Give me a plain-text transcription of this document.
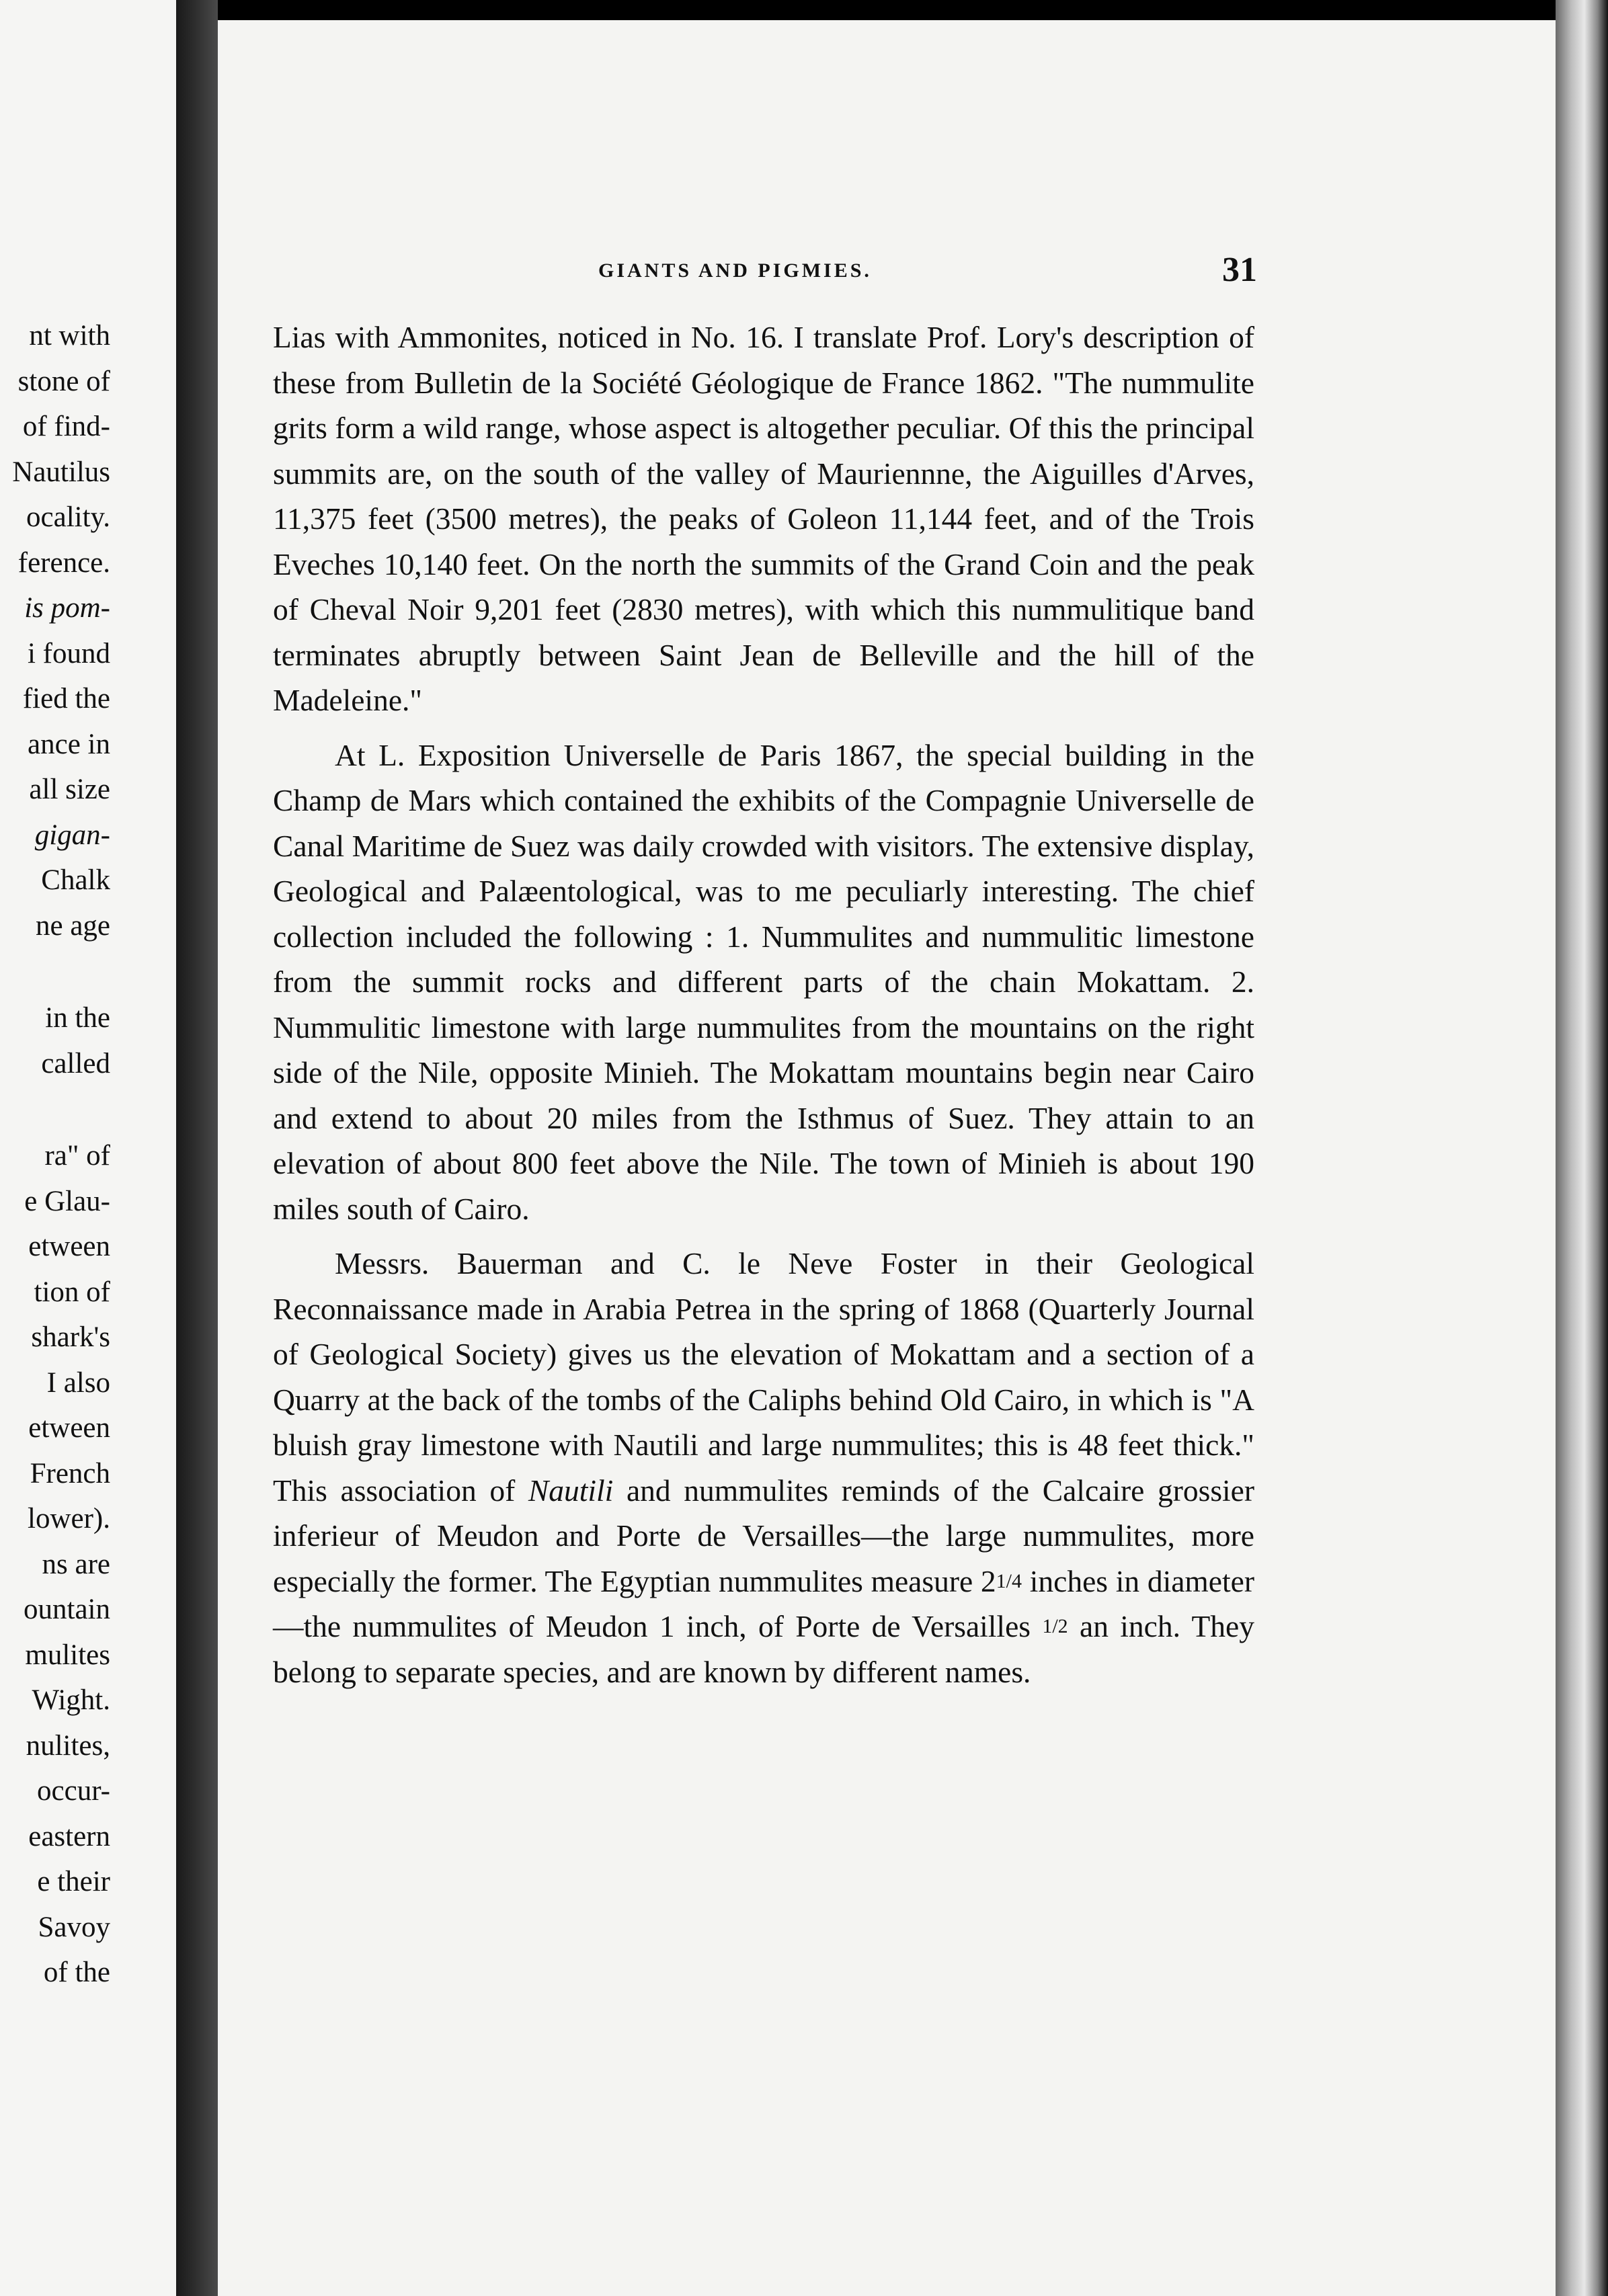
nt with
stone of
of find-
Nautilus
ocality.
ference.
is pom-
i found
fied the
ance in
all size
gigan-
Chalk
ne age
in the
called
ra" of
e Glau-
etween
tion of
shark's
I also
etween
French
lower).
ns are
ountain
mulites
Wight.
nulites,
occur-
eastern
e their
Savoy
of the
GIANTS AND PIGMIES.	31

Lias with Ammonites, noticed in No. 16. I translate Prof. Lory's description of these from Bulletin de la Société Géologique de France 1862. "The nummulite grits form a wild range, whose aspect is altogether peculiar. Of this the principal summits are, on the south of the valley of Mauriennne, the Aiguilles d'Arves, 11,375 feet (3500 metres), the peaks of Goleon 11,144 feet, and of the Trois Eveches 10,140 feet. On the north the summits of the Grand Coin and the peak of Cheval Noir 9,201 feet (2830 metres), with which this nummulitique band terminates abruptly between Saint Jean de Belleville and the hill of the Madeleine."

At L. Exposition Universelle de Paris 1867, the special building in the Champ de Mars which contained the exhibits of the Compagnie Universelle de Canal Maritime de Suez was daily crowded with visitors. The extensive display, Geological and Palæentological, was to me peculiarly interesting. The chief collection included the following : 1. Nummulites and nummulitic limestone from the summit rocks and different parts of the chain Mokattam. 2. Nummulitic limestone with large nummulites from the mountains on the right side of the Nile, opposite Minieh. The Mokattam mountains begin near Cairo and extend to about 20 miles from the Isthmus of Suez. They attain to an elevation of about 800 feet above the Nile. The town of Minieh is about 190 miles south of Cairo.

Messrs. Bauerman and C. le Neve Foster in their Geological Reconnaissance made in Arabia Petrea in the spring of 1868 (Quarterly Journal of Geological Society) gives us the elevation of Mokattam and a section of a Quarry at the back of the tombs of the Caliphs behind Old Cairo, in which is "A bluish gray limestone with Nautili and large nummulites; this is 48 feet thick." This association of Nautili and nummulites reminds of the Calcaire grossier inferieur of Meudon and Porte de Versailles—the large nummulites, more especially the former. The Egyptian nummulites measure 21/4 inches in diameter—the nummulites of Meudon 1 inch, of Porte de Versailles 1/2 an inch. They belong to separate species, and are known by different names.
